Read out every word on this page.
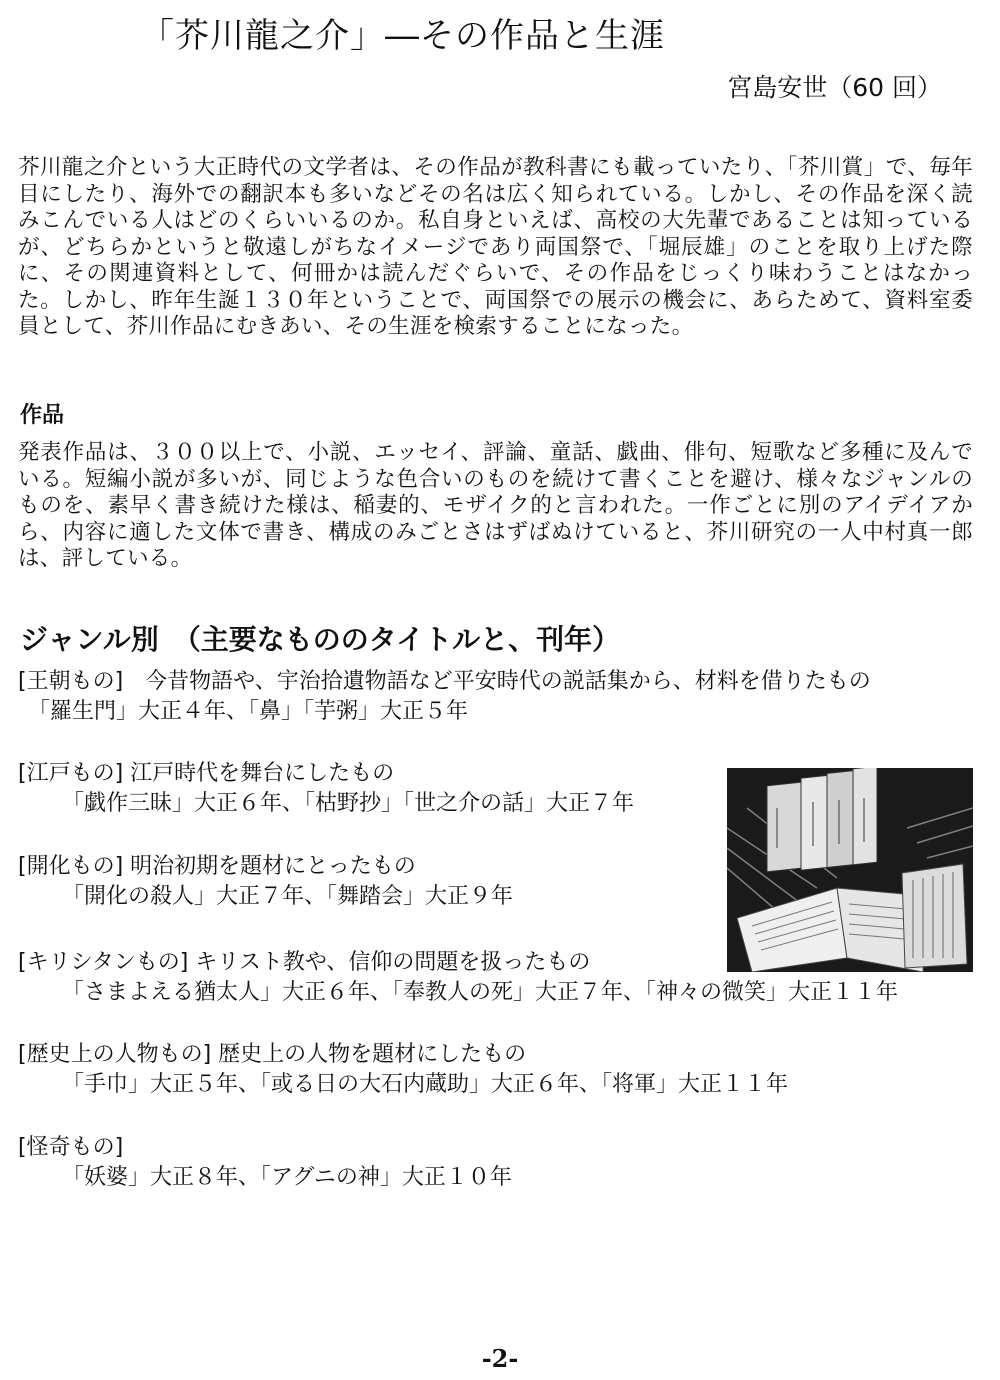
「芥川龍之介」―その作品と生涯
宮島安世（60 回）

芥川龍之介という大正時代の文学者は、その作品が教科書にも載っていたり、「芥川賞」で、毎年目にしたり、海外での翻訳本も多いなどその名は広く知られている。しかし、その作品を深く読みこんでいる人はどのくらいいるのか。私自身といえば、高校の大先輩であることは知っているが、どちらかというと敬遠しがちなイメージであり両国祭で、「堀辰雄」のことを取り上げた際に、その関連資料として、何冊かは読んだぐらいで、その作品をじっくり味わうことはなかった。しかし、昨年生誕１３０年ということで、両国祭での展示の機会に、あらためて、資料室委員として、芥川作品にむきあい、その生涯を検索することになった。

作品

発表作品は、３００以上で、小説、エッセイ、評論、童話、戯曲、俳句、短歌など多種に及んでいる。短編小説が多いが、同じような色合いのものを続けて書くことを避け、様々なジャンルのものを、素早く書き続けた様は、稲妻的、モザイク的と言われた。一作ごとに別のアイデイアから、内容に適した文体で書き、構成のみごとさはずばぬけていると、芥川研究の一人中村真一郎は、評している。

ジャンル別　（主要なもののタイトルと、刊年）
[王朝もの]　今昔物語や、宇治拾遺物語など平安時代の説話集から、材料を借りたもの
「羅生門」大正４年、「鼻」「芋粥」大正５年
[江戸もの] 江戸時代を舞台にしたもの
「戯作三昧」大正６年、「枯野抄」「世之介の話」大正７年
[開化もの] 明治初期を題材にとったもの
「開化の殺人」大正７年、「舞踏会」大正９年
[キリシタンもの] キリスト教や、信仰の問題を扱ったもの
「さまよえる猶太人」大正６年、「奉教人の死」大正７年、「神々の微笑」大正１１年
[歴史上の人物もの] 歴史上の人物を題材にしたもの
「手巾」大正５年、「或る日の大石内蔵助」大正６年、「将軍」大正１１年
[怪奇もの]
「妖婆」大正８年、「アグニの神」大正１０年
-2-
